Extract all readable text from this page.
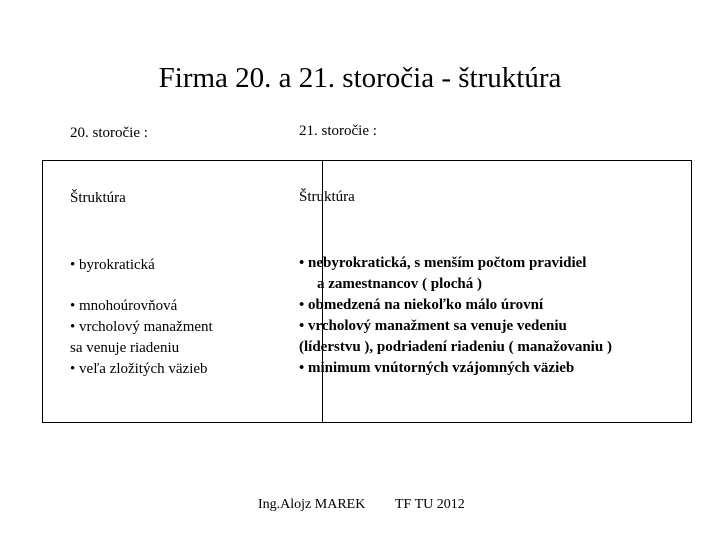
Firma 20. a 21. storočia - štruktúra
20. storočie :	21. storočie :
Štruktúra	Štruktúra
• byrokratická
• mnohoúrovňová
• vrcholový manažment
sa venuje riadeniu
• veľa zložitých väzieb
• nebyrokratická, s menším počtom pravidiel
a zamestnancov ( plochá )
• obmedzená na niekoľko málo úrovní
• vrcholový manažment sa venuje vedeniu
(líderstvu ), podriadení riadeniu ( manažovaniu )
• minimum vnútorných vzájomných väzieb
Ing.Alojz MAREK TF TU 2012
